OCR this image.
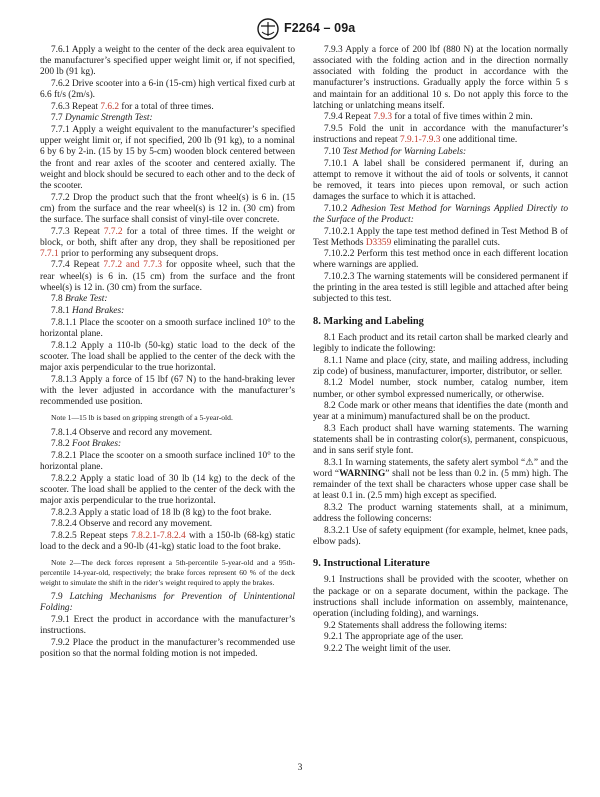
F2264 – 09a

7.6.1 Apply a weight to the center of the deck area equivalent to the manufacturer’s specified upper weight limit or, if not specified, 200 lb (91 kg).

7.6.2 Drive scooter into a 6-in (15-cm) high vertical fixed curb at 6.6 ft/s (2m/s).

7.6.3 Repeat 7.6.2 for a total of three times.

7.7 Dynamic Strength Test:

7.7.1 Apply a weight equivalent to the manufacturer’s specified upper weight limit or, if not specified, 200 lb (91 kg), to a nominal 6 by 6 by 2-in. (15 by 15 by 5-cm) wooden block centered between the front and rear axles of the scooter and centered axially. The weight and block should be secured to each other and to the deck of the scooter.

7.7.2 Drop the product such that the front wheel(s) is 6 in. (15 cm) from the surface and the rear wheel(s) is 12 in. (30 cm) from the surface. The surface shall consist of vinyl-tile over concrete.

7.7.3 Repeat 7.7.2 for a total of three times. If the weight or block, or both, shift after any drop, they shall be repositioned per 7.7.1 prior to performing any subsequent drops.

7.7.4 Repeat 7.7.2 and 7.7.3 for opposite wheel, such that the rear wheel(s) is 6 in. (15 cm) from the surface and the front wheel(s) is 12 in. (30 cm) from the surface.

7.8 Brake Test:

7.8.1 Hand Brakes:

7.8.1.1 Place the scooter on a smooth surface inclined 10° to the horizontal plane.

7.8.1.2 Apply a 110-lb (50-kg) static load to the deck of the scooter. The load shall be applied to the center of the deck with the major axis perpendicular to the true horizontal.

7.8.1.3 Apply a force of 15 lbf (67 N) to the hand-braking lever with the lever adjusted in accordance with the manufacturer’s recommended use position.

Note 1—15 lb is based on gripping strength of a 5-year-old.

7.8.1.4 Observe and record any movement.

7.8.2 Foot Brakes:

7.8.2.1 Place the scooter on a smooth surface inclined 10° to the horizontal plane.

7.8.2.2 Apply a static load of 30 lb (14 kg) to the deck of the scooter. The load shall be applied to the center of the deck with the major axis perpendicular to the true horizontal.

7.8.2.3 Apply a static load of 18 lb (8 kg) to the foot brake.

7.8.2.4 Observe and record any movement.

7.8.2.5 Repeat steps 7.8.2.1-7.8.2.4 with a 150-lb (68-kg) static load to the deck and a 90-lb (41-kg) static load to the foot brake.

Note 2—The deck forces represent a 5th-percentile 5-year-old and a 95th-percentile 14-year-old, respectively; the brake forces represent 60 % of the deck weight to simulate the shift in the rider’s weight required to apply the brakes.

7.9 Latching Mechanisms for Prevention of Unintentional Folding:

7.9.1 Erect the product in accordance with the manufacturer’s instructions.

7.9.2 Place the product in the manufacturer’s recommended use position so that the normal folding motion is not impeded.

7.9.3 Apply a force of 200 lbf (880 N) at the location normally associated with the folding action and in the direction normally associated with folding the product in accordance with the manufacturer’s instructions. Gradually apply the force within 5 s and maintain for an additional 10 s. Do not apply this force to the latching or unlatching means itself.

7.9.4 Repeat 7.9.3 for a total of five times within 2 min.

7.9.5 Fold the unit in accordance with the manufacturer’s instructions and repeat 7.9.1-7.9.3 one additional time.

7.10 Test Method for Warning Labels:

7.10.1 A label shall be considered permanent if, during an attempt to remove it without the aid of tools or solvents, it cannot be removed, it tears into pieces upon removal, or such action damages the surface to which it is attached.

7.10.2 Adhesion Test Method for Warnings Applied Directly to the Surface of the Product:

7.10.2.1 Apply the tape test method defined in Test Method B of Test Methods D3359 eliminating the parallel cuts.

7.10.2.2 Perform this test method once in each different location where warnings are applied.

7.10.2.3 The warning statements will be considered permanent if the printing in the area tested is still legible and attached after being subjected to this test.

8. Marking and Labeling

8.1 Each product and its retail carton shall be marked clearly and legibly to indicate the following:

8.1.1 Name and place (city, state, and mailing address, including zip code) of business, manufacturer, importer, distributor, or seller.

8.1.2 Model number, stock number, catalog number, item number, or other symbol expressed numerically, or otherwise.

8.2 Code mark or other means that identifies the date (month and year at a minimum) manufactured shall be on the product.

8.3 Each product shall have warning statements. The warning statements shall be in contrasting color(s), permanent, conspicuous, and in sans serif style font.

8.3.1 In warning statements, the safety alert symbol “⚠” and the word “WARNING” shall not be less than 0.2 in. (5 mm) high. The remainder of the text shall be characters whose upper case shall be at least 0.1 in. (2.5 mm) high except as specified.

8.3.2 The product warning statements shall, at a minimum, address the following concerns:

8.3.2.1 Use of safety equipment (for example, helmet, knee pads, elbow pads).

9. Instructional Literature

9.1 Instructions shall be provided with the scooter, whether on the package or on a separate document, within the package. The instructions shall include information on assembly, maintenance, operation (including folding), and warnings.

9.2 Statements shall address the following items:

9.2.1 The appropriate age of the user.

9.2.2 The weight limit of the user.

3
